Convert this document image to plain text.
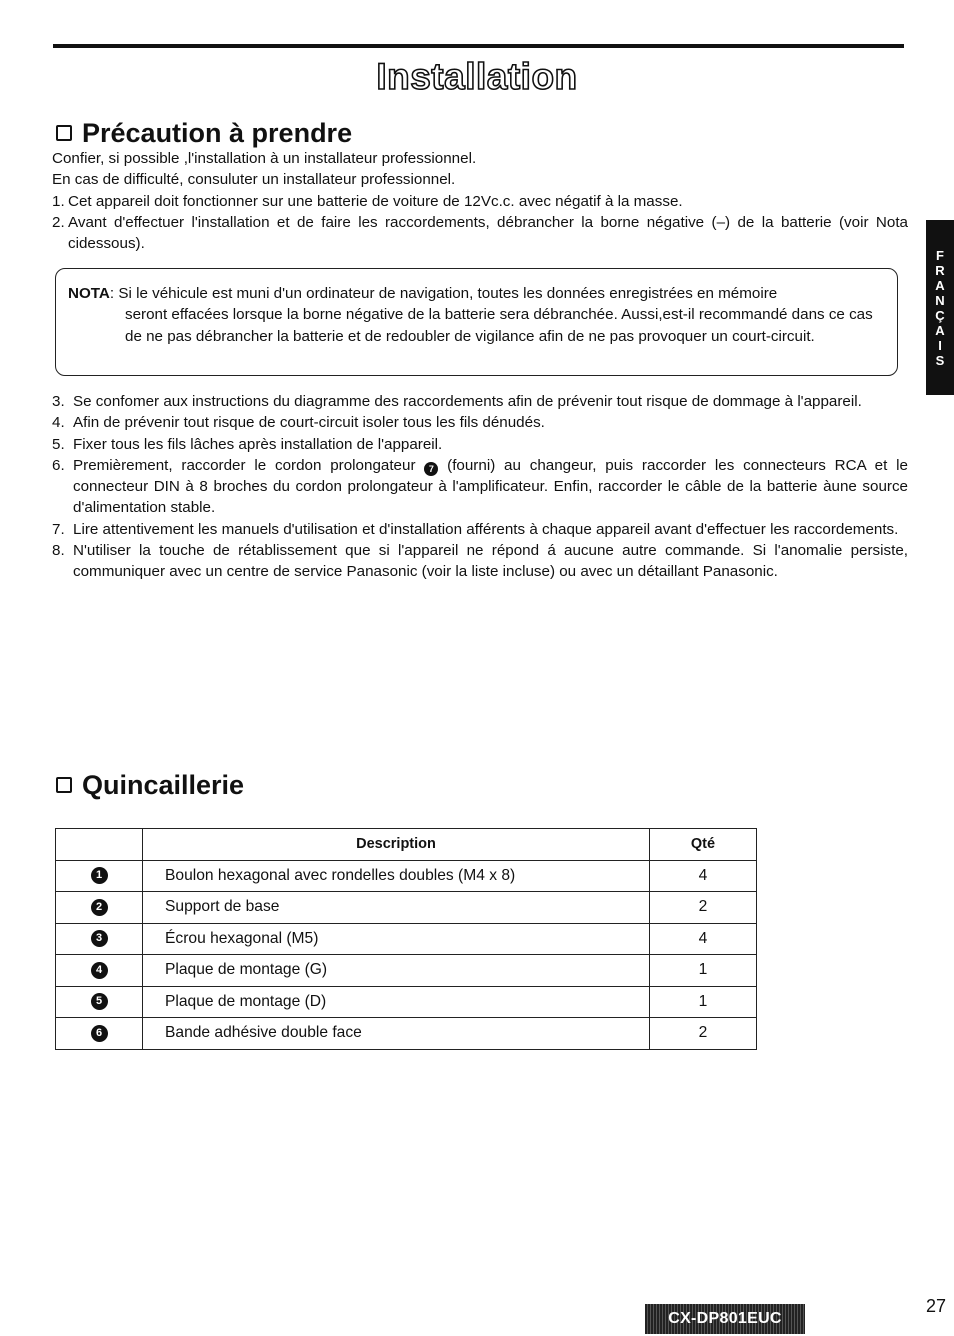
Installation
Précaution à prendre

Confier, si possible ,l'installation à un installateur professionnel.

En cas de difficulté, consuluter un installateur professionnel.

1. Cet appareil doit fonctionner sur une batterie de voiture de 12Vc.c. avec négatif à la masse.
2. Avant d'effectuer l'installation et de faire les raccordements, débrancher la borne négative (–) de la batterie (voir Nota cidessous).
NOTA: Si le véhicule est muni d'un ordinateur de navigation, toutes les données enregistrées en mémoire
seront effacées lorsque la borne négative de la batterie sera débranchée. Aussi,est-il recommandé dans ce cas de ne pas débrancher la batterie et de redoubler de vigilance afin de ne pas provoquer un court-circuit.
3. Se confomer aux instructions du diagramme des raccordements afin de prévenir tout risque de dommage à l'appareil.
4. Afin de prévenir tout risque de court-circuit isoler tous les fils dénudés.
5. Fixer tous les fils lâches après installation de l'appareil.
6. Premièrement, raccorder le cordon prolongateur 7 (fourni) au changeur, puis raccorder les connecteurs RCA et le connecteur DIN à 8 broches du cordon prolongateur à l'amplificateur. Enfin, raccorder le câble de la batterie àune source d'alimentation stable.
7. Lire attentivement les manuels d'utilisation et d'installation afférents à chaque appareil avant d'effectuer les raccordements.
8. N'utiliser la touche de rétablissement que si l'appareil ne répond á aucune autre commande. Si l'anomalie persiste, communiquer avec un centre de service Panasonic (voir la liste incluse) ou avec un détaillant Panasonic.
Quincaillerie
	Description	Qté
1	Boulon hexagonal avec rondelles doubles (M4 x 8)	4
2	Support de base	2
3	Écrou hexagonal (M5)	4
4	Plaque de montage (G)	1
5	Plaque de montage (D)	1
6	Bande adhésive double face	2
F
R
A
N
Ç
A
I
S
CX-DP801EUC
27
